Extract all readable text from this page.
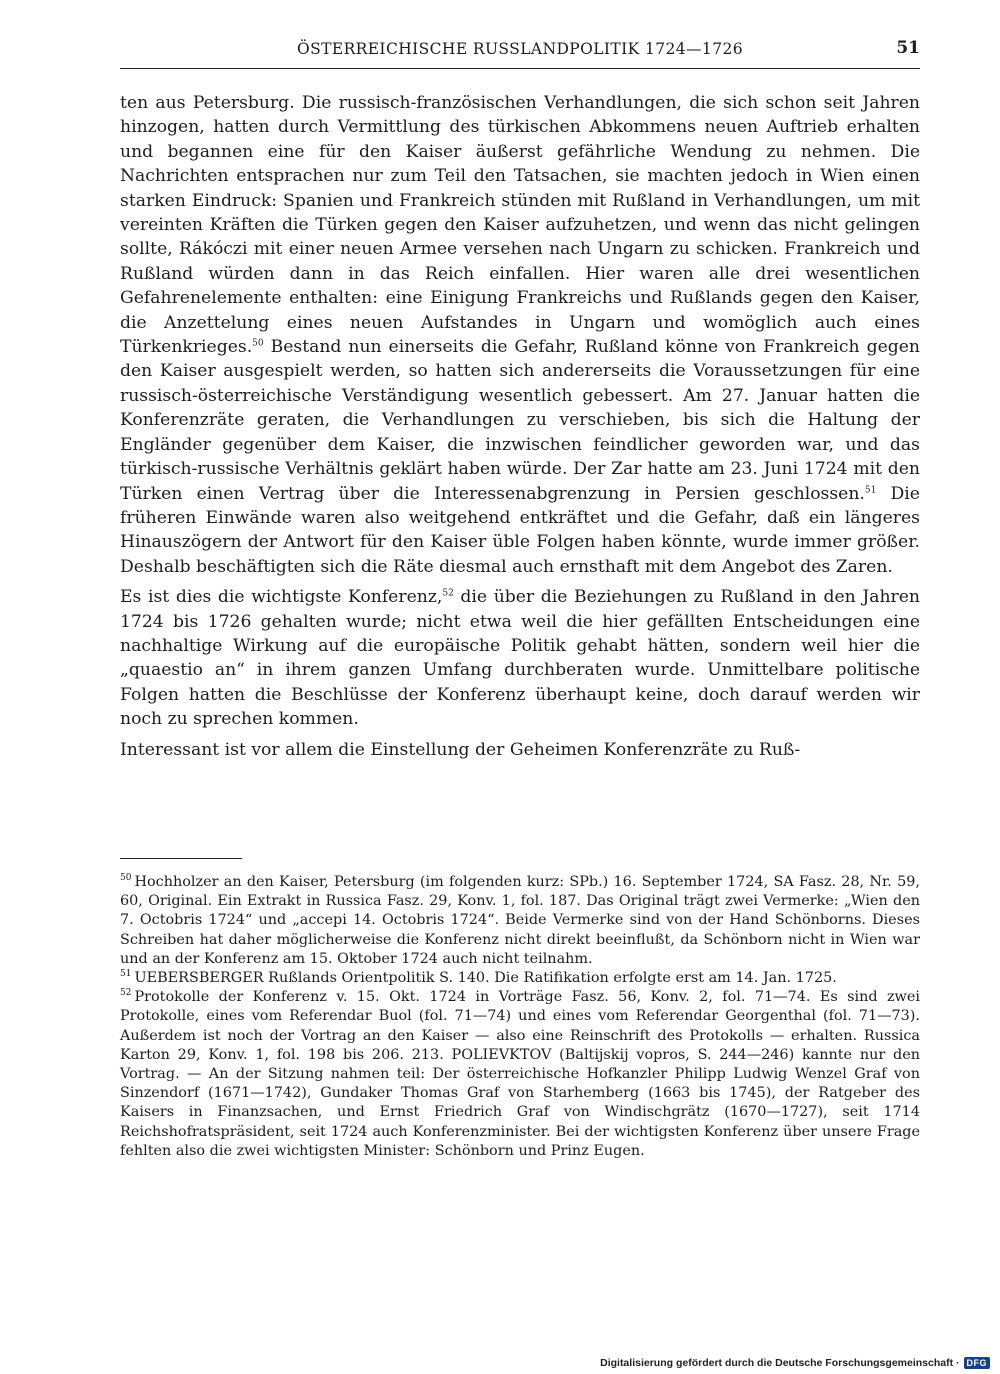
ÖSTERREICHISCHE RUSSLANDPOLITIK 1724—1726	51

ten aus Petersburg. Die russisch-französischen Verhandlungen, die sich schon seit Jahren hinzogen, hatten durch Vermittlung des türkischen Abkommens neuen Auftrieb erhalten und begannen eine für den Kaiser äußerst gefährliche Wendung zu nehmen. Die Nachrichten entsprachen nur zum Teil den Tatsachen, sie machten jedoch in Wien einen starken Eindruck: Spanien und Frankreich stünden mit Rußland in Verhandlungen, um mit vereinten Kräften die Türken gegen den Kaiser aufzuhetzen, und wenn das nicht gelingen sollte, Rákóczi mit einer neuen Armee versehen nach Ungarn zu schicken. Frankreich und Rußland würden dann in das Reich einfallen. Hier waren alle drei wesentlichen Gefahrenelemente enthalten: eine Einigung Frankreichs und Rußlands gegen den Kaiser, die Anzettelung eines neuen Aufstandes in Ungarn und womöglich auch eines Türkenkrieges.$^{50}$ Bestand nun einerseits die Gefahr, Rußland könne von Frankreich gegen den Kaiser ausgespielt werden, so hatten sich andererseits die Voraussetzungen für eine russisch-österreichische Verständigung wesentlich gebessert. Am 27. Januar hatten die Konferenzräte geraten, die Verhandlungen zu verschieben, bis sich die Haltung der Engländer gegenüber dem Kaiser, die inzwischen feindlicher geworden war, und das türkisch-russische Verhältnis geklärt haben würde. Der Zar hatte am 23. Juni 1724 mit den Türken einen Vertrag über die Interessenabgrenzung in Persien geschlossen.$^{51}$ Die früheren Einwände waren also weitgehend entkräftet und die Gefahr, daß ein längeres Hinauszögern der Antwort für den Kaiser üble Folgen haben könnte, wurde immer größer. Deshalb beschäftigten sich die Räte diesmal auch ernsthaft mit dem Angebot des Zaren.

Es ist dies die wichtigste Konferenz,$^{52}$ die über die Beziehungen zu Rußland in den Jahren 1724 bis 1726 gehalten wurde; nicht etwa weil die hier gefällten Entscheidungen eine nachhaltige Wirkung auf die europäische Politik gehabt hätten, sondern weil hier die „quaestio an“ in ihrem ganzen Umfang durchberaten wurde. Unmittelbare politische Folgen hatten die Beschlüsse der Konferenz überhaupt keine, doch darauf werden wir noch zu sprechen kommen.

Interessant ist vor allem die Einstellung der Geheimen Konferenzräte zu Ruß-

$^{50}$ Hochholzer an den Kaiser, Petersburg (im folgenden kurz: SPb.) 16. September 1724, SA Fasz. 28, Nr. 59, 60, Original. Ein Extrakt in Russica Fasz. 29, Konv. 1, fol. 187. Das Original trägt zwei Vermerke: „Wien den 7. Octobris 1724“ und „accepi 14. Octobris 1724“. Beide Vermerke sind von der Hand Schönborns. Dieses Schreiben hat daher möglicherweise die Konferenz nicht direkt beeinflußt, da Schönborn nicht in Wien war und an der Konferenz am 15. Oktober 1724 auch nicht teilnahm.

$^{51}$ UEBERSBERGER Rußlands Orientpolitik S. 140. Die Ratifikation erfolgte erst am 14. Jan. 1725.

$^{52}$ Protokolle der Konferenz v. 15. Okt. 1724 in Vorträge Fasz. 56, Konv. 2, fol. 71—74. Es sind zwei Protokolle, eines vom Referendar Buol (fol. 71—74) und eines vom Referendar Georgenthal (fol. 71—73). Außerdem ist noch der Vortrag an den Kaiser — also eine Reinschrift des Protokolls — erhalten. Russica Karton 29, Konv. 1, fol. 198 bis 206. 213. POLIEVKTOV (Baltijskij vopros, S. 244—246) kannte nur den Vortrag. — An der Sitzung nahmen teil: Der österreichische Hofkanzler Philipp Ludwig Wenzel Graf von Sinzendorf (1671—1742), Gundaker Thomas Graf von Starhemberg (1663 bis 1745), der Ratgeber des Kaisers in Finanzsachen, und Ernst Friedrich Graf von Windischgrätz (1670—1727), seit 1714 Reichshofratspräsident, seit 1724 auch Konferenzminister. Bei der wichtigsten Konferenz über unsere Frage fehlten also die zwei wichtigsten Minister: Schönborn und Prinz Eugen.

Digitalisierung gefördert durch die Deutsche Forschungsgemeinschaft · DFG
